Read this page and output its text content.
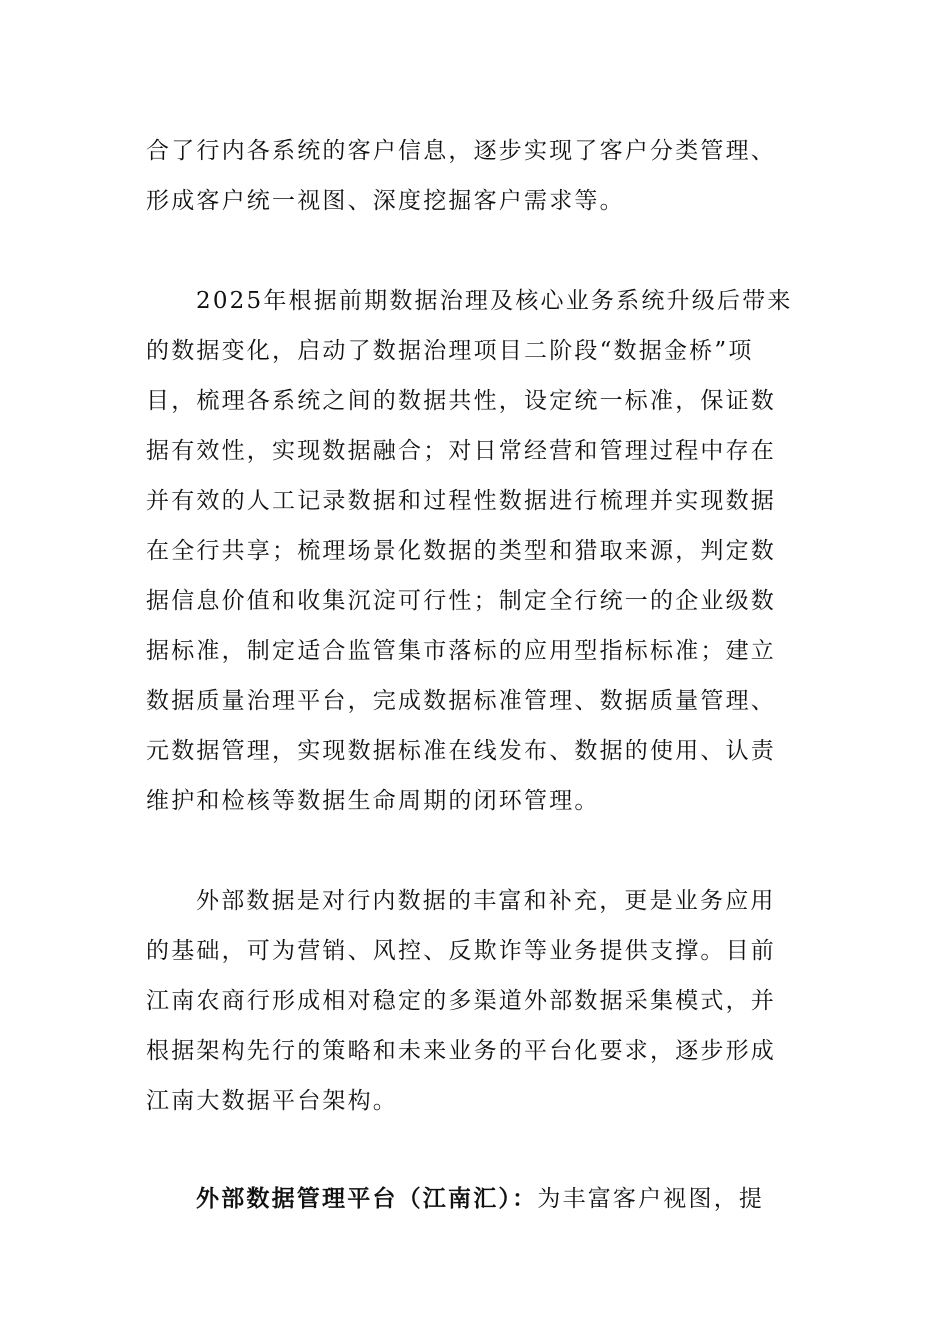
合了行内各系统的客户信息，逐步实现了客户分类管理、
形成客户统一视图、深度挖掘客户需求等。
2025年根据前期数据治理及核心业务系统升级后带来
的数据变化，启动了数据治理项目二阶段“数据金桥”项
目，梳理各系统之间的数据共性，设定统一标准，保证数
据有效性，实现数据融合；对日常经营和管理过程中存在
并有效的人工记录数据和过程性数据进行梳理并实现数据
在全行共享；梳理场景化数据的类型和猎取来源，判定数
据信息价值和收集沉淀可行性；制定全行统一的企业级数
据标准，制定适合监管集市落标的应用型指标标准；建立
数据质量治理平台，完成数据标准管理、数据质量管理、
元数据管理，实现数据标准在线发布、数据的使用、认责
维护和检核等数据生命周期的闭环管理。
外部数据是对行内数据的丰富和补充，更是业务应用
的基础，可为营销、风控、反欺诈等业务提供支撑。目前
江南农商行形成相对稳定的多渠道外部数据采集模式，并
根据架构先行的策略和未来业务的平台化要求，逐步形成
江南大数据平台架构。
外部数据管理平台（江南汇）：为丰富客户视图，提
